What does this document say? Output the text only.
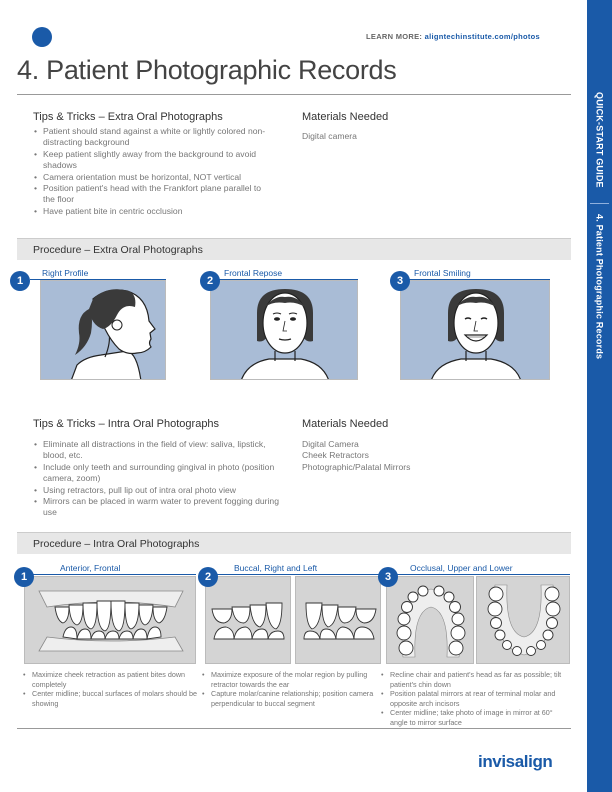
LEARN MORE: aligntechinstitute.com/photos
4. Patient Photographic Records
QUICK-START GUIDE
4. Patient Photographic Records
Tips & Tricks – Extra Oral Photographs
• Patient should stand against a white or lightly colored non-distracting background
• Keep patient slightly away from the background to avoid shadows
• Camera orientation must be horizontal, NOT vertical
• Position patient's head with the Frankfort plane parallel to the floor
• Have patient bite in centric occlusion
Materials Needed
Digital camera
Procedure – Extra Oral Photographs
Right Profile
1
Frontal Repose
2
Frontal Smiling
3
Tips & Tricks – Intra Oral Photographs
• Eliminate all distractions in the field of view: saliva, lipstick, blood, etc.
• Include only teeth and surrounding gingival in photo (position camera, zoom)
• Using retractors, pull lip out of intra oral photo view
• Mirrors can be placed in warm water to prevent fogging during use
Materials Needed
Digital Camera
Cheek Retractors
Photographic/Palatal Mirrors
Procedure – Intra Oral Photographs
Anterior, Frontal
1
• Maximize cheek retraction as patient bites down completely
• Center midline; buccal surfaces of molars should be showing
Buccal, Right and Left
2
• Maximize exposure of the molar region by pulling retractor towards the ear
• Capture molar/canine relationship; position camera perpendicular to buccal segment
Occlusal, Upper and Lower
3
• Recline chair and patient's head as far as possible; tilt patient's chin down
• Position palatal mirrors at rear of terminal molar and opposite arch incisors
• Center midline; take photo of image in mirror at 60° angle to mirror surface
invisalign
